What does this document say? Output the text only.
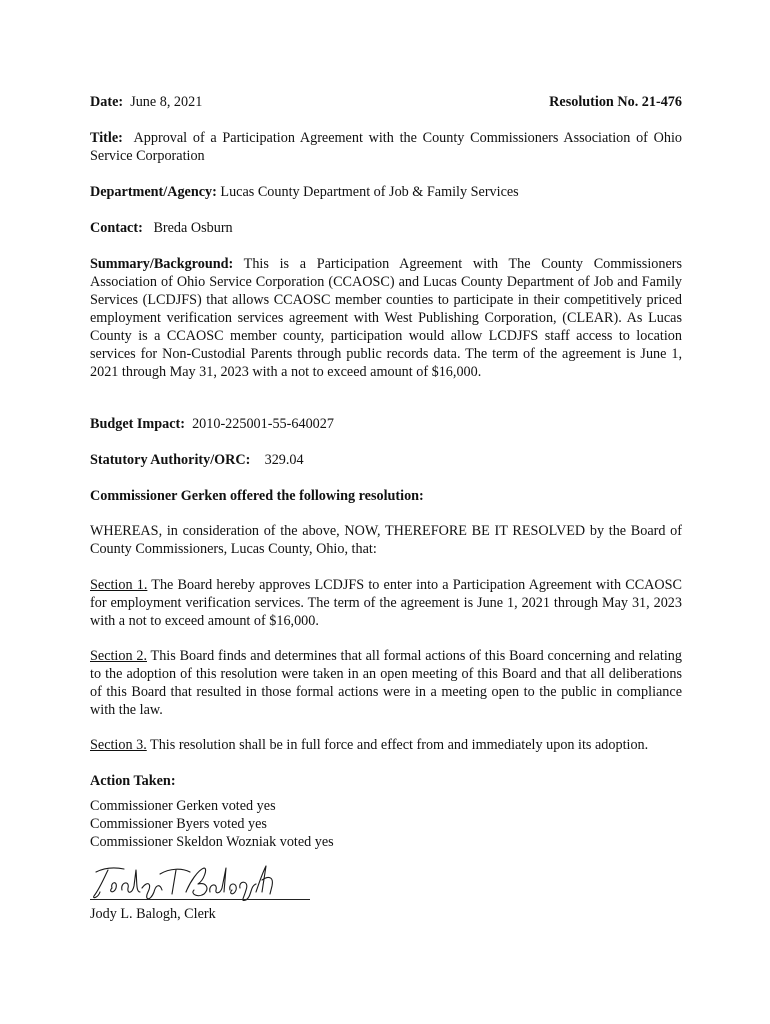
Date: June 8, 2021	Resolution No. 21-476
Title: Approval of a Participation Agreement with the County Commissioners Association of Ohio Service Corporation
Department/Agency: Lucas County Department of Job & Family Services
Contact: Breda Osburn
Summary/Background: This is a Participation Agreement with The County Commissioners Association of Ohio Service Corporation (CCAOSC) and Lucas County Department of Job and Family Services (LCDJFS) that allows CCAOSC member counties to participate in their competitively priced employment verification services agreement with West Publishing Corporation, (CLEAR). As Lucas County is a CCAOSC member county, participation would allow LCDJFS staff access to location services for Non-Custodial Parents through public records data. The term of the agreement is June 1, 2021 through May 31, 2023 with a not to exceed amount of $16,000.
Budget Impact: 2010-225001-55-640027
Statutory Authority/ORC: 329.04
Commissioner Gerken offered the following resolution:
WHEREAS, in consideration of the above, NOW, THEREFORE BE IT RESOLVED by the Board of County Commissioners, Lucas County, Ohio, that:
Section 1. The Board hereby approves LCDJFS to enter into a Participation Agreement with CCAOSC for employment verification services. The term of the agreement is June 1, 2021 through May 31, 2023 with a not to exceed amount of $16,000.
Section 2. This Board finds and determines that all formal actions of this Board concerning and relating to the adoption of this resolution were taken in an open meeting of this Board and that all deliberations of this Board that resulted in those formal actions were in a meeting open to the public in compliance with the law.
Section 3. This resolution shall be in full force and effect from and immediately upon its adoption.
Action Taken:
Commissioner Gerken voted yes
Commissioner Byers voted yes
Commissioner Skeldon Wozniak voted yes
Jody L. Balogh, Clerk
